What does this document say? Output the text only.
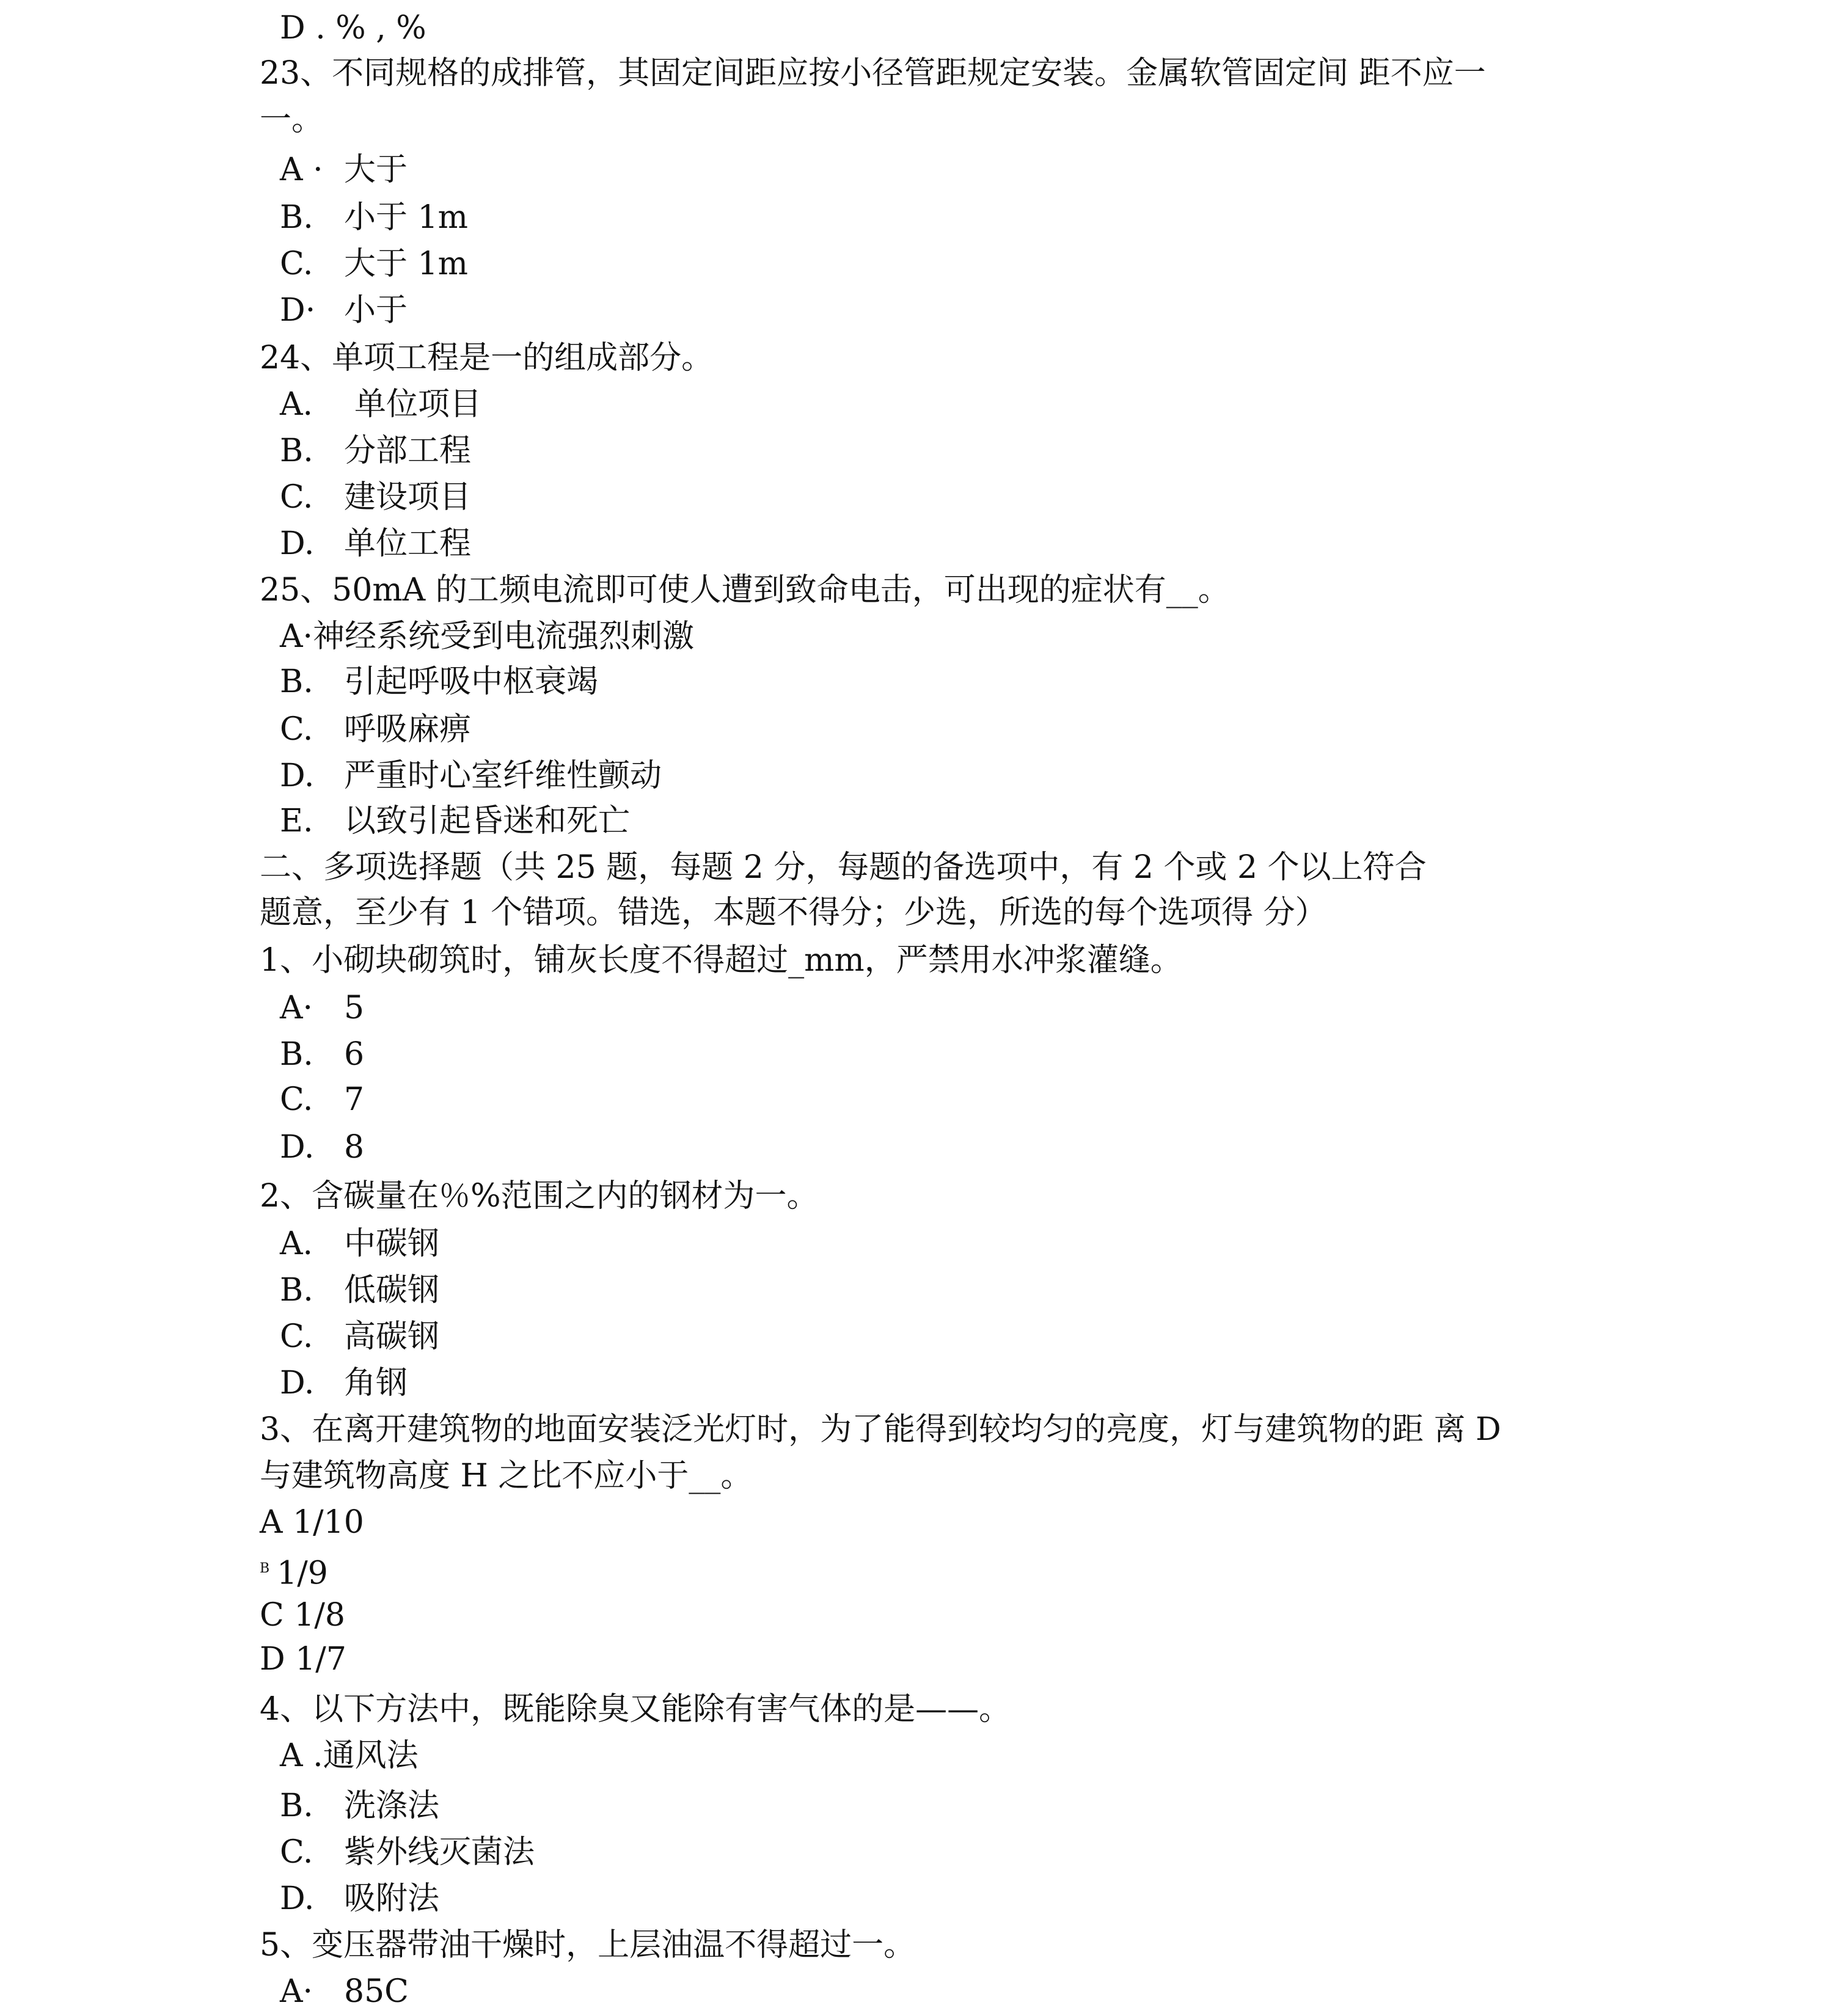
D . % , %
23、不同规格的成排管，其固定间距应按小径管距规定安装。金属软管固定间 距不应一
一。
A · 大于
B. 小于 1m
C. 大于 1m
D· 小于
24、单项工程是一的组成部分。
A. 单位项目
B. 分部工程
C. 建设项目
D. 单位工程
25、50mA 的工频电流即可使人遭到致命电击，可出现的症状有__。
A·神经系统受到电流强烈刺激
B. 引起呼吸中枢衰竭
C. 呼吸麻痹
D. 严重时心室纤维性颤动
E. 以致引起昏迷和死亡
二、多项选择题（共 25 题，每题 2 分，每题的备选项中，有 2 个或 2 个以上符合
题意，至少有 1 个错项。错选，本题不得分；少选，所选的每个选项得 分）
1、小砌块砌筑时，铺灰长度不得超过_mm，严禁用水冲浆灌缝。
A· 5
B. 6
C. 7
D. 8
2、含碳量在％%范围之内的钢材为一。
A. 中碳钢
B. 低碳钢
C. 高碳钢
D. 角钢
3、在离开建筑物的地面安装泛光灯时，为了能得到较均匀的亮度，灯与建筑物的距 离 D
与建筑物高度 H 之比不应小于__。
A 1/10
$^B$ 1/9
C 1/8
D 1/7
4、以下方法中，既能除臭又能除有害气体的是——。
A .通风法
B. 洗涤法
C. 紫外线灭菌法
D. 吸附法
5、变压器带油干燥时，上层油温不得超过一。
A· 85C
